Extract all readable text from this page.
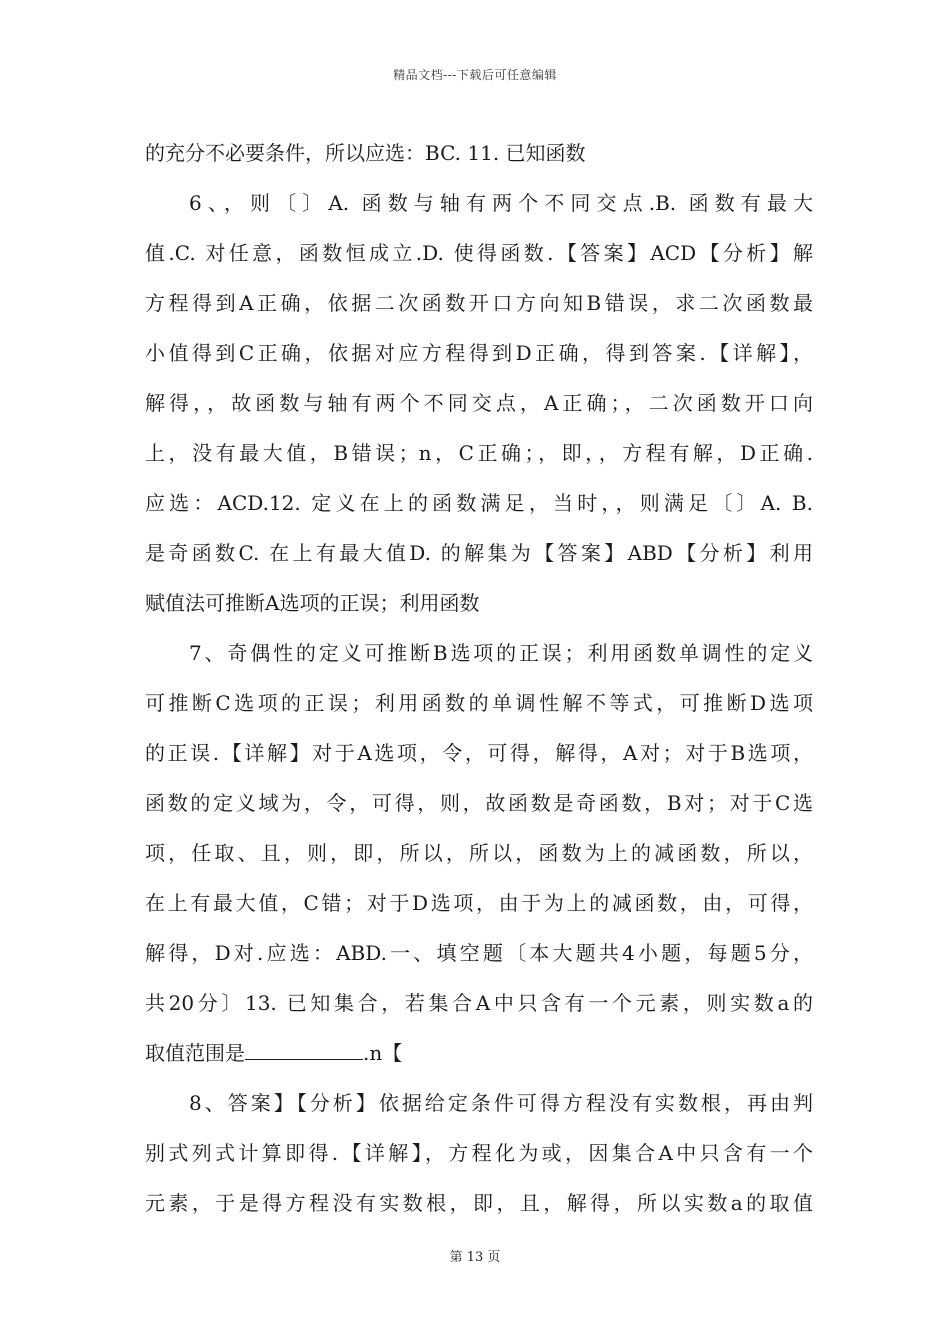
精品文档---下载后可任意编辑
的充分不必要条件，所以应选：BC. 11. 已知函数
6、，则〔〕A. 函数与轴有两个不同交点.B. 函数有最大
值.C. 对任意，函数恒成立.D. 使得函数.【答案】ACD【分析】解
方程得到A正确，依据二次函数开口方向知B错误，求二次函数最
小值得到C正确，依据对应方程得到D正确，得到答案.【详解】，
解得，，故函数与轴有两个不同交点，A正确；，二次函数开口向
上，没有最大值，B错误；n，C正确；，即，，方程有解，D正确.
应选：ACD.12. 定义在上的函数满足，当时，，则满足〔〕A. B.
是奇函数C. 在上有最大值D. 的解集为【答案】ABD【分析】利用
赋值法可推断A选项的正误；利用函数
7、奇偶性的定义可推断B选项的正误；利用函数单调性的定义
可推断C选项的正误；利用函数的单调性解不等式，可推断D选项
的正误.【详解】对于A选项，令，可得，解得，A对；对于B选项，
函数的定义域为，令，可得，则，故函数是奇函数，B对；对于C选
项，任取、且，则，即，所以，所以，函数为上的减函数，所以，
在上有最大值，C错；对于D选项，由于为上的减函数，由，可得，
解得，D对.应选：ABD.一、填空题〔本大题共4小题，每题5分，
共20分〕13. 已知集合，若集合A中只含有一个元素，则实数a的
取值范围是	.n【
8、答案】【分析】依据给定条件可得方程没有实数根，再由判
别式列式计算即得.【详解】，方程化为或，因集合A中只含有一个
元素，于是得方程没有实数根，即，且，解得，所以实数a的取值
第 13 页
